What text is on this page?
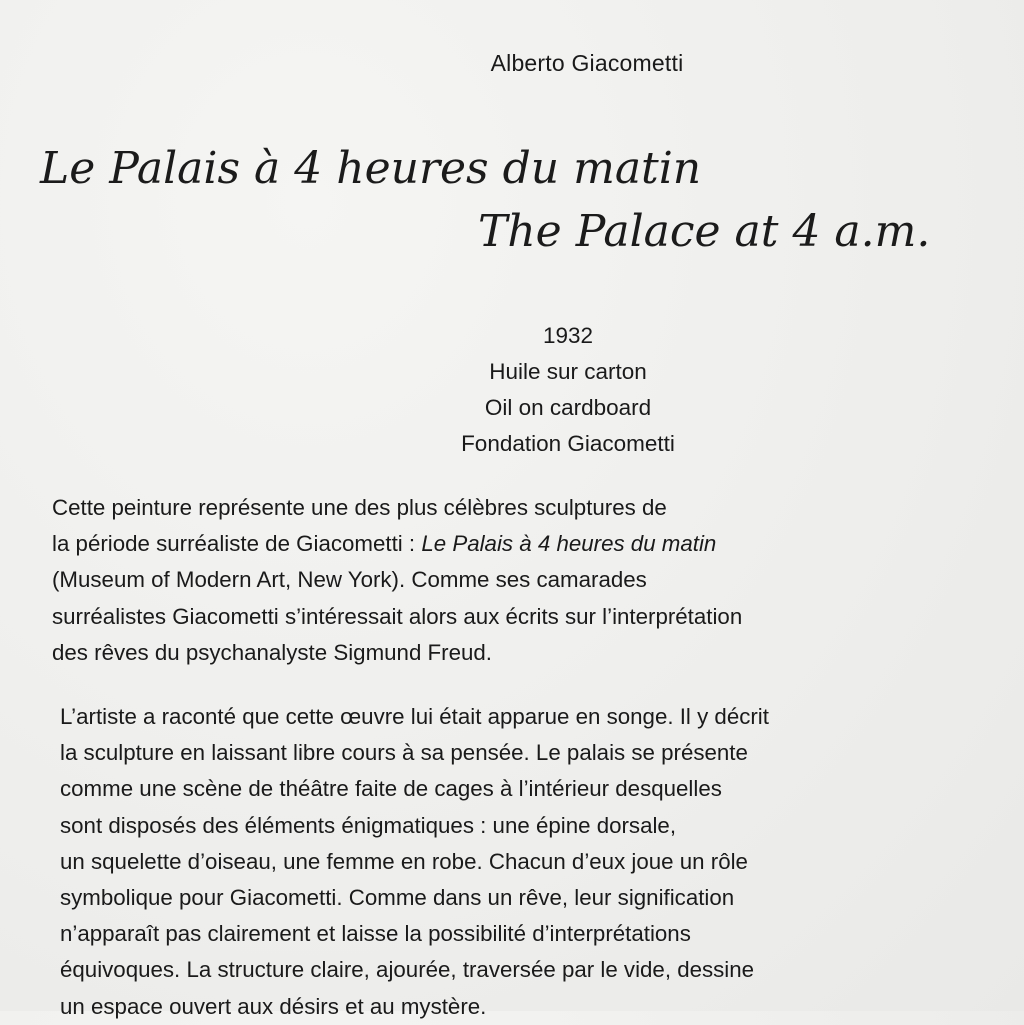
Alberto Giacometti
Le Palais à 4 heures du matin
The Palace at 4 a.m.
1932
Huile sur carton
Oil on cardboard
Fondation Giacometti
Cette peinture représente une des plus célèbres sculptures de
la période surréaliste de Giacometti : Le Palais à 4 heures du matin
(Museum of Modern Art, New York). Comme ses camarades
surréalistes Giacometti s’intéressait alors aux écrits sur l’interprétation
des rêves du psychanalyste Sigmund Freud.
L’artiste a raconté que cette œuvre lui était apparue en songe. Il y décrit
la sculpture en laissant libre cours à sa pensée. Le palais se présente
comme une scène de théâtre faite de cages à l’intérieur desquelles
sont disposés des éléments énigmatiques : une épine dorsale,
un squelette d’oiseau, une femme en robe. Chacun d’eux joue un rôle
symbolique pour Giacometti. Comme dans un rêve, leur signification
n’apparaît pas clairement et laisse la possibilité d’interprétations
équivoques. La structure claire, ajourée, traversée par le vide, dessine
un espace ouvert aux désirs et au mystère.
